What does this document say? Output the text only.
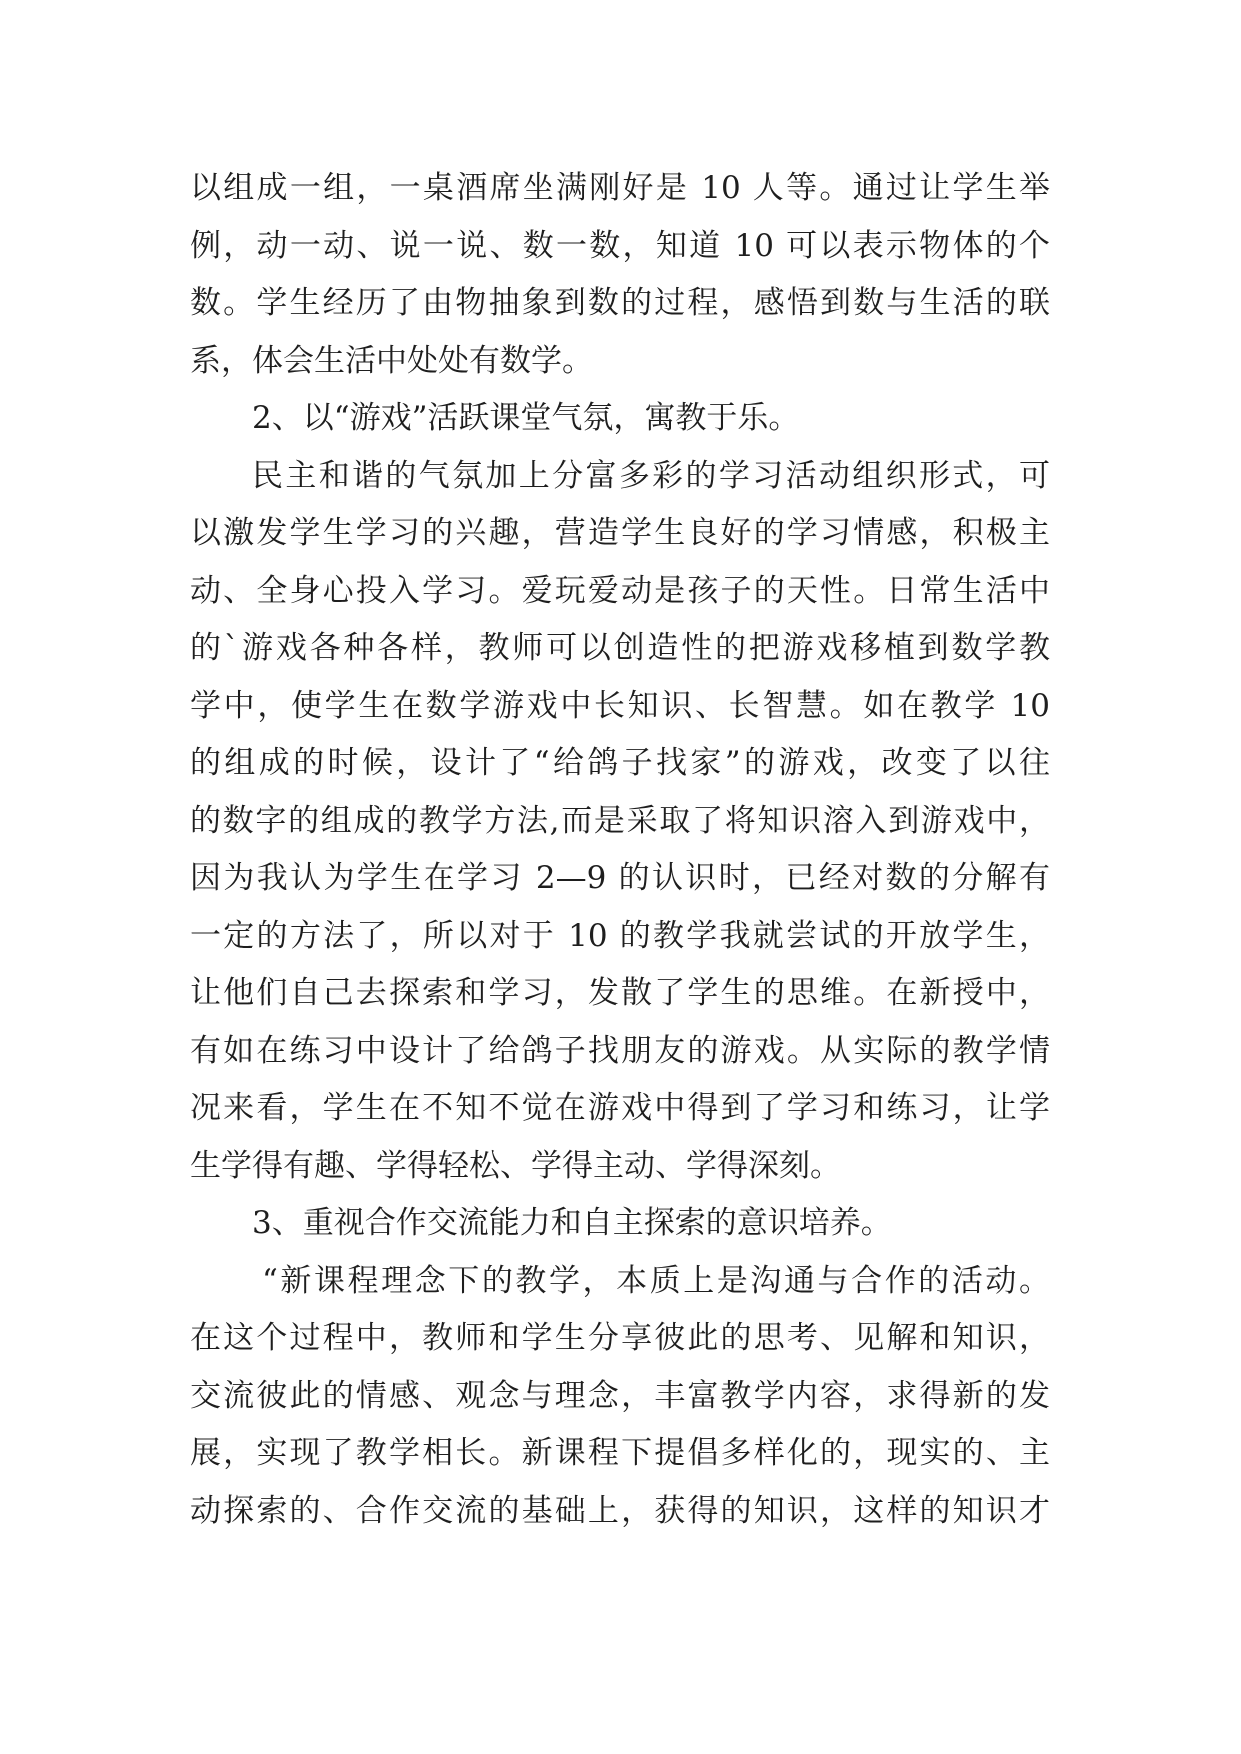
以组成一组，一桌酒席坐满刚好是 10 人等。通过让学生举
例，动一动、说一说、数一数，知道 10 可以表示物体的个
数。学生经历了由物抽象到数的过程，感悟到数与生活的联
系，体会生活中处处有数学。
2、以“游戏”活跃课堂气氛，寓教于乐。
民主和谐的气氛加上分富多彩的学习活动组织形式，可
以激发学生学习的兴趣，营造学生良好的学习情感，积极主
动、全身心投入学习。爱玩爱动是孩子的天性。日常生活中
的`游戏各种各样，教师可以创造性的把游戏移植到数学教
学中，使学生在数学游戏中长知识、长智慧。如在教学 10
的组成的时候，设计了“给鸽子找家”的游戏，改变了以往
的数字的组成的教学方法,而是采取了将知识溶入到游戏中，
因为我认为学生在学习 2—9 的认识时，已经对数的分解有
一定的方法了，所以对于 10 的教学我就尝试的开放学生，
让他们自己去探索和学习，发散了学生的思维。在新授中，
有如在练习中设计了给鸽子找朋友的游戏。从实际的教学情
况来看，学生在不知不觉在游戏中得到了学习和练习，让学
生学得有趣、学得轻松、学得主动、学得深刻。
3、重视合作交流能力和自主探索的意识培养。
“新课程理念下的教学，本质上是沟通与合作的活动。
在这个过程中，教师和学生分享彼此的思考、见解和知识，
交流彼此的情感、观念与理念，丰富教学内容，求得新的发
展，实现了教学相长。新课程下提倡多样化的，现实的、主
动探索的、合作交流的基础上，获得的知识，这样的知识才
